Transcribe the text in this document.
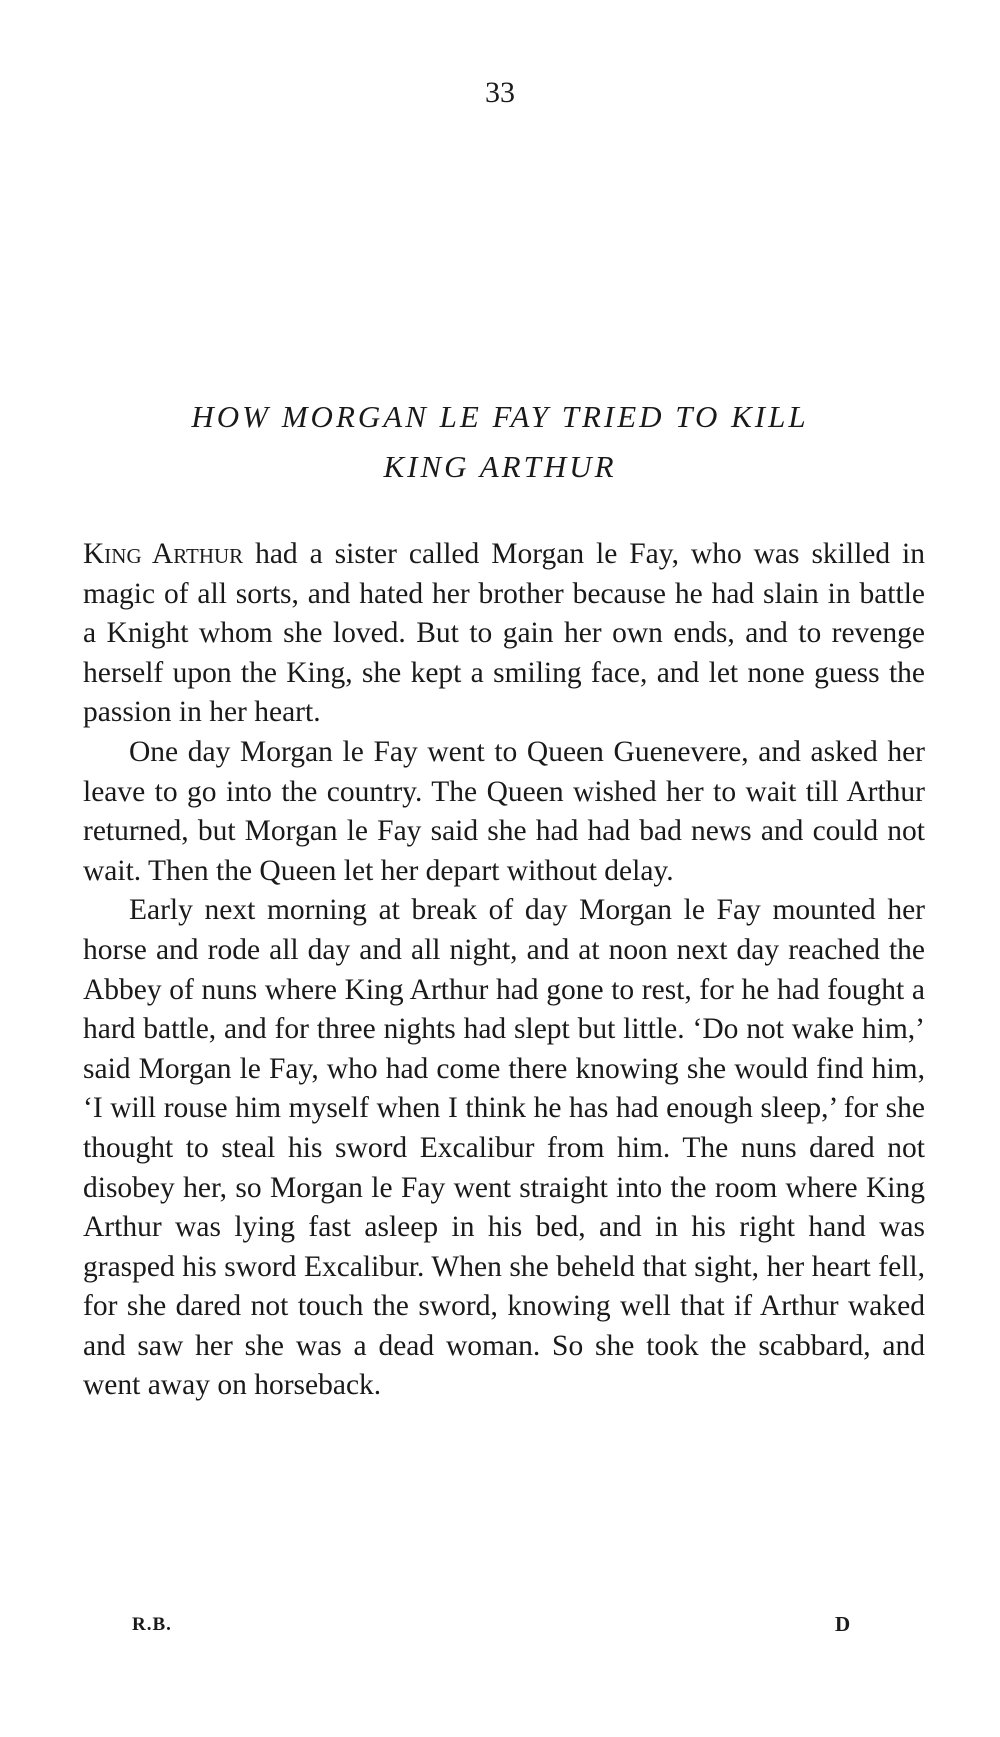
33
HOW MORGAN LE FAY TRIED TO KILL
KING ARTHUR

King Arthur had a sister called Morgan le Fay, who was skilled in magic of all sorts, and hated her brother because he had slain in battle a Knight whom she loved. But to gain her own ends, and to revenge herself upon the King, she kept a smiling face, and let none guess the passion in her heart.

One day Morgan le Fay went to Queen Guenevere, and asked her leave to go into the country. The Queen wished her to wait till Arthur returned, but Morgan le Fay said she had had bad news and could not wait. Then the Queen let her depart without delay.

Early next morning at break of day Morgan le Fay mounted her horse and rode all day and all night, and at noon next day reached the Abbey of nuns where King Arthur had gone to rest, for he had fought a hard battle, and for three nights had slept but little. ‘Do not wake him,’ said Morgan le Fay, who had come there knowing she would find him, ‘I will rouse him myself when I think he has had enough sleep,’ for she thought to steal his sword Excalibur from him. The nuns dared not disobey her, so Morgan le Fay went straight into the room where King Arthur was lying fast asleep in his bed, and in his right hand was grasped his sword Excalibur. When she beheld that sight, her heart fell, for she dared not touch the sword, knowing well that if Arthur waked and saw her she was a dead woman. So she took the scabbard, and went away on horseback.

R.B.	D
